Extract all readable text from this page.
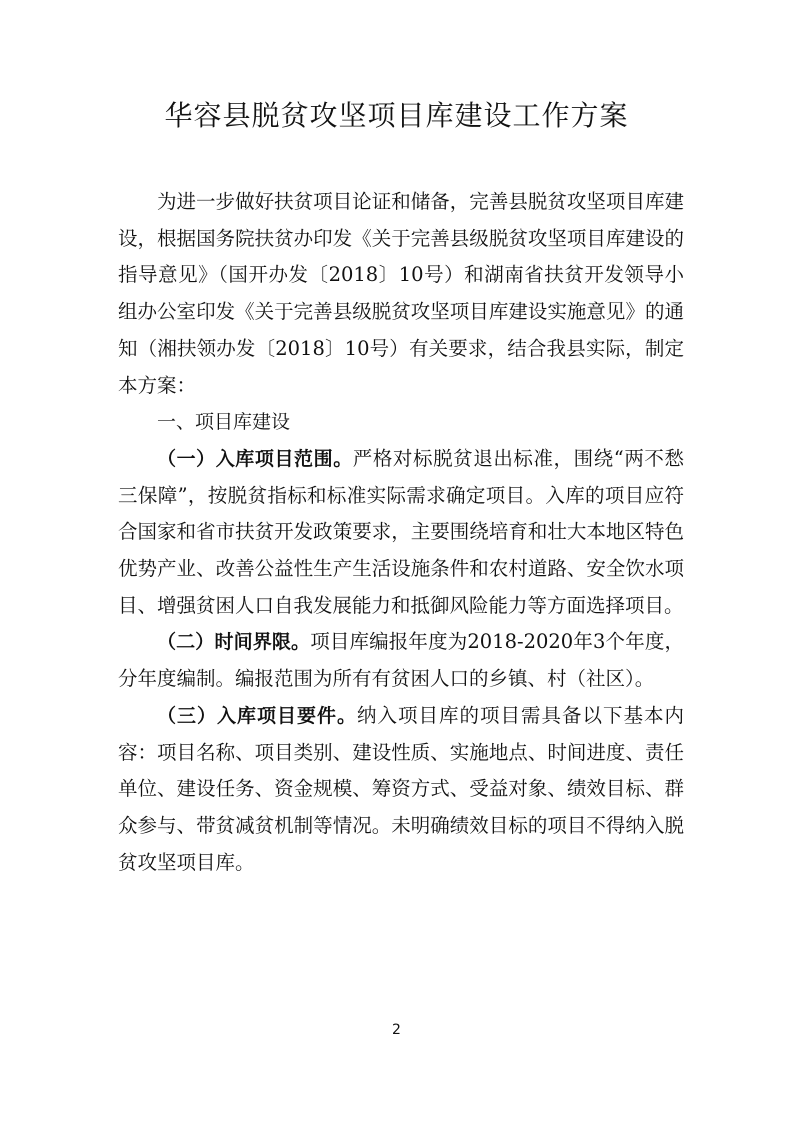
华容县脱贫攻坚项目库建设工作方案

为进一步做好扶贫项目论证和储备，完善县脱贫攻坚项目库建设，根据国务院扶贫办印发《关于完善县级脱贫攻坚项目库建设的指导意见》（国开办发〔2018〕10号）和湖南省扶贫开发领导小组办公室印发《关于完善县级脱贫攻坚项目库建设实施意见》的通知（湘扶领办发〔2018〕10号）有关要求，结合我县实际，制定本方案：

一、项目库建设

（一）入库项目范围。严格对标脱贫退出标准，围绕“两不愁三保障”，按脱贫指标和标准实际需求确定项目。入库的项目应符合国家和省市扶贫开发政策要求，主要围绕培育和壮大本地区特色优势产业、改善公益性生产生活设施条件和农村道路、安全饮水项目、增强贫困人口自我发展能力和抵御风险能力等方面选择项目。

（二）时间界限。项目库编报年度为2018-2020年3个年度，分年度编制。编报范围为所有有贫困人口的乡镇、村（社区）。

（三）入库项目要件。纳入项目库的项目需具备以下基本内容：项目名称、项目类别、建设性质、实施地点、时间进度、责任单位、建设任务、资金规模、筹资方式、受益对象、绩效目标、群众参与、带贫减贫机制等情况。未明确绩效目标的项目不得纳入脱贫攻坚项目库。

2
